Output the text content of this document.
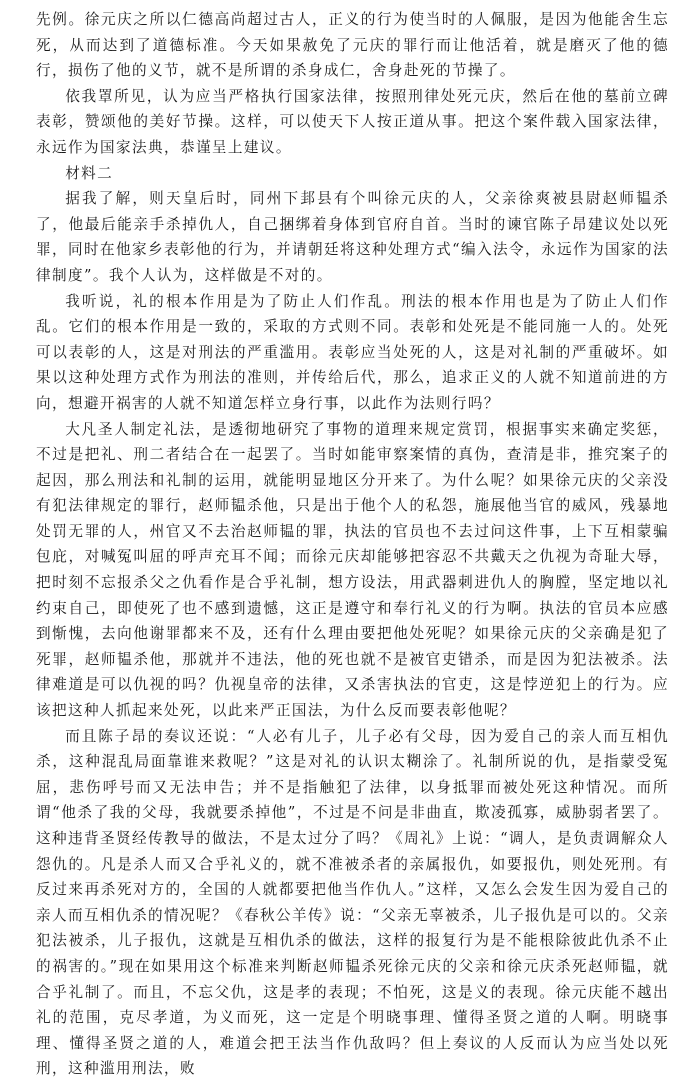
先例。徐元庆之所以仁德高尚超过古人，正义的行为使当时的人佩服，是因为他能舍生忘死，从而达到了道德标准。今天如果赦免了元庆的罪行而让他活着，就是磨灭了他的德行，损伤了他的义节，就不是所谓的杀身成仁，舍身赴死的节操了。

依我罩所见，认为应当严格执行国家法律，按照刑律处死元庆，然后在他的墓前立碑表彰，赞颂他的美好节操。这样，可以使天下人按正道从事。把这个案件载入国家法律，永远作为国家法典，恭谨呈上建议。

材料二

据我了解，则天皇后时，同州下邽县有个叫徐元庆的人，父亲徐爽被县尉赵师韫杀了，他最后能亲手杀掉仇人，自己捆绑着身体到官府自首。当时的谏官陈子昂建议处以死罪，同时在他家乡表彰他的行为，并请朝廷将这种处理方式“编入法令，永远作为国家的法律制度”。我个人认为，这样做是不对的。

我听说，礼的根本作用是为了防止人们作乱。刑法的根本作用也是为了防止人们作乱。它们的根本作用是一致的，采取的方式则不同。表彰和处死是不能同施一人的。处死可以表彰的人，这是对刑法的严重滥用。表彰应当处死的人，这是对礼制的严重破坏。如果以这种处理方式作为刑法的准则，并传给后代，那么，追求正义的人就不知道前进的方向，想避开祸害的人就不知道怎样立身行事，以此作为法则行吗？

大凡圣人制定礼法，是透彻地研究了事物的道理来规定赏罚，根据事实来确定奖惩，不过是把礼、刑二者结合在一起罢了。当时如能审察案情的真伪，查清是非，推究案子的起因，那么刑法和礼制的运用，就能明显地区分开来了。为什么呢？如果徐元庆的父亲没有犯法律规定的罪行，赵师韫杀他，只是出于他个人的私怨，施展他当官的威风，残暴地处罚无罪的人，州官又不去治赵师韫的罪，执法的官员也不去过问这件事，上下互相蒙骗包庇，对喊冤叫屈的呼声充耳不闻；而徐元庆却能够把容忍不共戴天之仇视为奇耻大辱，把时刻不忘报杀父之仇看作是合乎礼制，想方设法，用武器刺进仇人的胸膛，坚定地以礼约束自己，即使死了也不感到遗憾，这正是遵守和奉行礼义的行为啊。执法的官员本应感到惭愧，去向他谢罪都来不及，还有什么理由要把他处死呢？如果徐元庆的父亲确是犯了死罪，赵师韫杀他，那就并不违法，他的死也就不是被官吏错杀，而是因为犯法被杀。法律难道是可以仇视的吗？仇视皇帝的法律，又杀害执法的官吏，这是悖逆犯上的行为。应该把这种人抓起来处死，以此来严正国法，为什么反而要表彰他呢？

而且陈子昂的奏议还说：“人必有儿子，儿子必有父母，因为爱自己的亲人而互相仇杀，这种混乱局面靠谁来救呢？”这是对礼的认识太糊涂了。礼制所说的仇，是指蒙受冤屈，悲伤呼号而又无法申告；并不是指触犯了法律，以身抵罪而被处死这种情况。而所谓“他杀了我的父母，我就要杀掉他”，不过是不问是非曲直，欺凌孤寡，威胁弱者罢了。这种违背圣贤经传教导的做法，不是太过分了吗？《周礼》上说：“调人，是负责调解众人怨仇的。凡是杀人而又合乎礼义的，就不准被杀者的亲属报仇，如要报仇，则处死刑。有反过来再杀死对方的，全国的人就都要把他当作仇人。”这样，又怎么会发生因为爱自己的亲人而互相仇杀的情况呢？《春秋公羊传》说：“父亲无辜被杀，儿子报仇是可以的。父亲犯法被杀，儿子报仇，这就是互相仇杀的做法，这样的报复行为是不能根除彼此仇杀不止的祸害的。”现在如果用这个标准来判断赵师韫杀死徐元庆的父亲和徐元庆杀死赵师韫，就合乎礼制了。而且，不忘父仇，这是孝的表现；不怕死，这是义的表现。徐元庆能不越出礼的范围，克尽孝道，为义而死，这一定是个明晓事理、懂得圣贤之道的人啊。明晓事理、懂得圣贤之道的人，难道会把王法当作仇敌吗？但上奏议的人反而认为应当处以死刑，这种滥用刑法，败
